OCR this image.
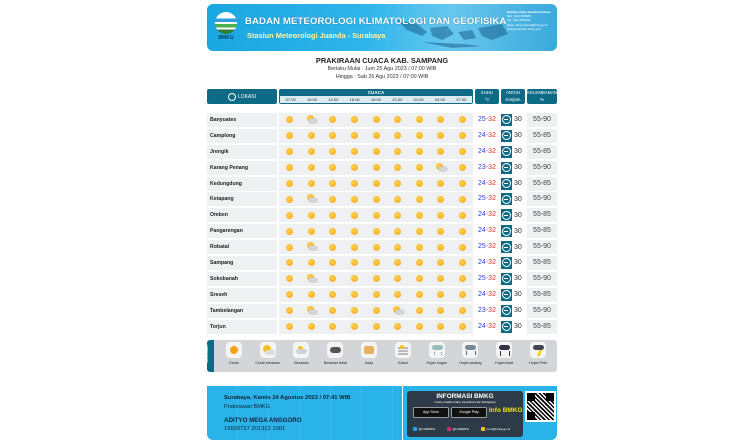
BMKG
BADAN METEOROLOGI KLIMATOLOGI DAN GEOFISIKA
Stasiun Meteorologi Juanda - Surabaya
Bandara Udara Juanda Surabaya
Telp : (031) 8668989
Fax : (031) 8675342
Email : stamet.juanda@bmkg.go.id
www.juanda.jatim.bmkg.go.id
PRAKIRAAN CUACA KAB. SAMPANG
Berlaku Mulai : Jum 25 Agu 2023 / 07:00 WIB
Hingga : Sab 26 Agu 2023 / 07:00 WIB
LOKASI
CUACA
07.00	10.00	13.00	16.00	19.00	22.00	01.00	04.00	07.00
SUHU
°C
ANGIN
Km/jam
KELEMBABAN
%
Banyuates	25-32	30	55-90
Camplong	24-32	30	55-85
Jrengik	24-32	30	55-85
Karang Penang	23-32	30	55-90
Kedungdung	24-32	30	55-85
Ketapang	25-32	30	55-90
Omben	24-32	30	55-85
Pangarengan	24-32	30	55-85
Robatal	25-32	30	55-90
Sampang	24-32	30	55-85
Sokobanah	25-32	30	55-90
Sreseh	24-32	30	55-85
Tambelangan	23-32	30	55-90
Torjun	24-32	30	55-85
LEGENDA
Cerah	Cerah berawan	Berawan	Berawan tebal	Asap	Kabut	Hujan ringan	Hujan sedang	Hujan lebat	Hujan Petir
Surabaya, Kamis 24 Agustus 2023 / 07:41 WIB
Prakirawan BMKG
ADITYO MEGA ANGGORO
19920727 201312 1001
INFORMASI BMKG
Cuaca, Kualitas Udara, Gempabumi dan Sebagainya
App Store	Google Play	Info BMKG
@infoBMKG	@infoBMKG	pers@bmkg.go.id
